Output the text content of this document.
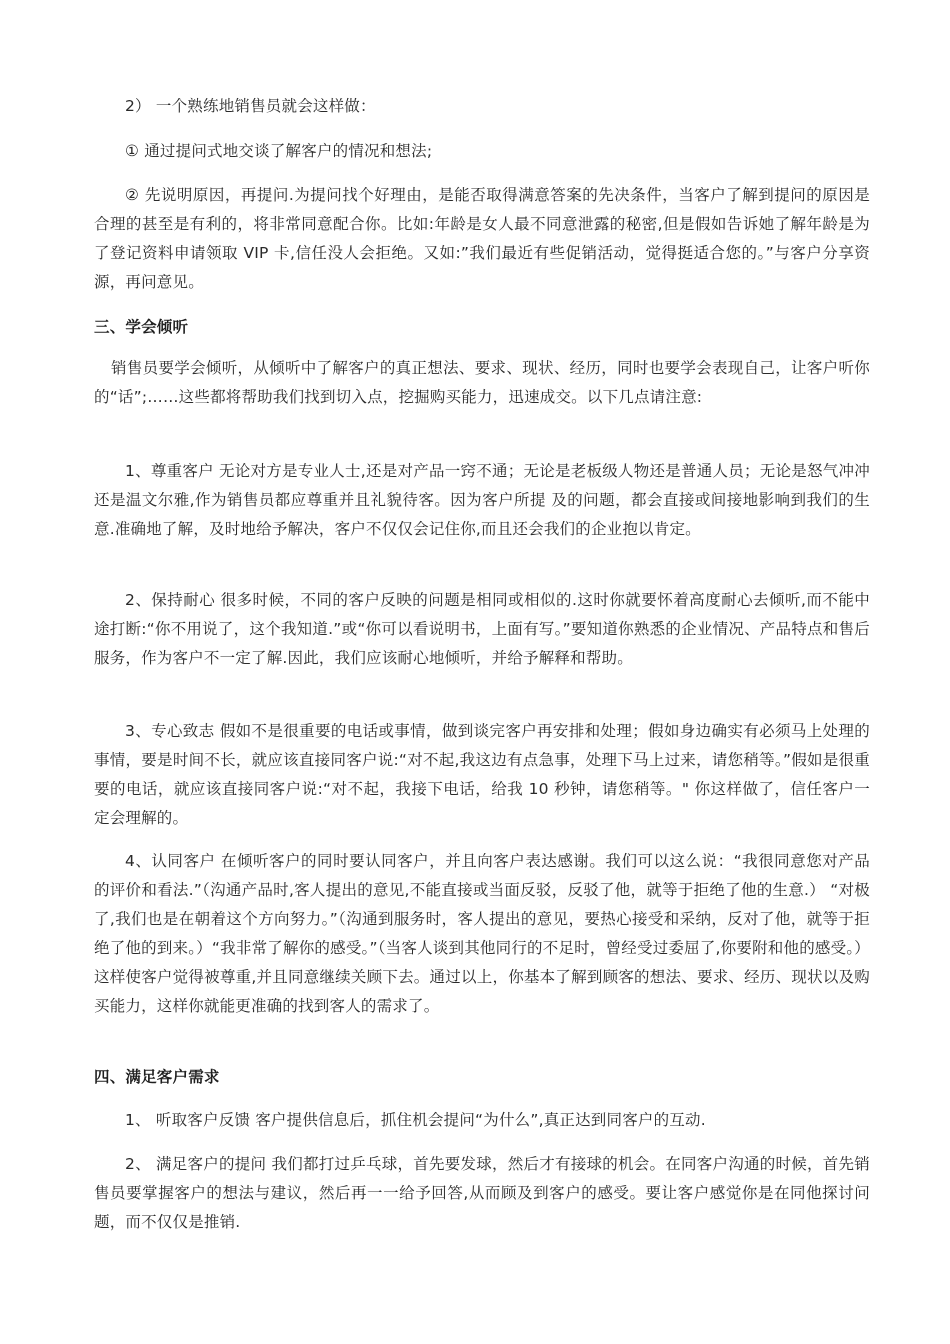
2） 一个熟练地销售员就会这样做：

① 通过提问式地交谈了解客户的情况和想法;

② 先说明原因，再提问.为提问找个好理由，是能否取得满意答案的先决条件，当客户了解到提问的原因是合理的甚至是有利的，将非常同意配合你。比如:年龄是女人最不同意泄露的秘密,但是假如告诉她了解年龄是为了登记资料申请领取 VIP 卡,信任没人会拒绝。又如:”我们最近有些促销活动，觉得挺适合您的。”与客户分享资源，再问意见。

三、学会倾听

销售员要学会倾听，从倾听中了解客户的真正想法、要求、现状、经历，同时也要学会表现自己，让客户听你的“话”;……这些都将帮助我们找到切入点，挖掘购买能力，迅速成交。以下几点请注意:

1、尊重客户 无论对方是专业人士,还是对产品一窍不通；无论是老板级人物还是普通人员；无论是怒气冲冲还是温文尔雅,作为销售员都应尊重并且礼貌待客。因为客户所提 及的问题，都会直接或间接地影响到我们的生意.准确地了解，及时地给予解决，客户不仅仅会记住你,而且还会我们的企业抱以肯定。

2、保持耐心 很多时候，不同的客户反映的问题是相同或相似的.这时你就要怀着高度耐心去倾听,而不能中途打断:“你不用说了，这个我知道.”或“你可以看说明书，上面有写。”要知道你熟悉的企业情况、产品特点和售后服务，作为客户不一定了解.因此，我们应该耐心地倾听，并给予解释和帮助。

3、专心致志 假如不是很重要的电话或事情，做到谈完客户再安排和处理；假如身边确实有必须马上处理的事情，要是时间不长，就应该直接同客户说:“对不起,我这边有点急事，处理下马上过来，请您稍等。”假如是很重要的电话，就应该直接同客户说:“对不起，我接下电话，给我 10 秒钟，请您稍等。" 你这样做了，信任客户一定会理解的。

4、认同客户 在倾听客户的同时要认同客户，并且向客户表达感谢。我们可以这么说：“我很同意您对产品的评价和看法.”（沟通产品时,客人提出的意见,不能直接或当面反驳，反驳了他，就等于拒绝了他的生意.） “对极了,我们也是在朝着这个方向努力。”（沟通到服务时，客人提出的意见，要热心接受和采纳，反对了他，就等于拒绝了他的到来。）“我非常了解你的感受。”（当客人谈到其他同行的不足时，曾经受过委屈了,你要附和他的感受。）这样使客户觉得被尊重,并且同意继续关顾下去。通过以上，你基本了解到顾客的想法、要求、经历、现状以及购买能力，这样你就能更准确的找到客人的需求了。

四、满足客户需求

1、 听取客户反馈 客户提供信息后，抓住机会提问“为什么”,真正达到同客户的互动.

2、 满足客户的提问 我们都打过乒乓球，首先要发球，然后才有接球的机会。在同客户沟通的时候，首先销售员要掌握客户的想法与建议，然后再一一给予回答,从而顾及到客户的感受。要让客户感觉你是在同他探讨问题，而不仅仅是推销.
